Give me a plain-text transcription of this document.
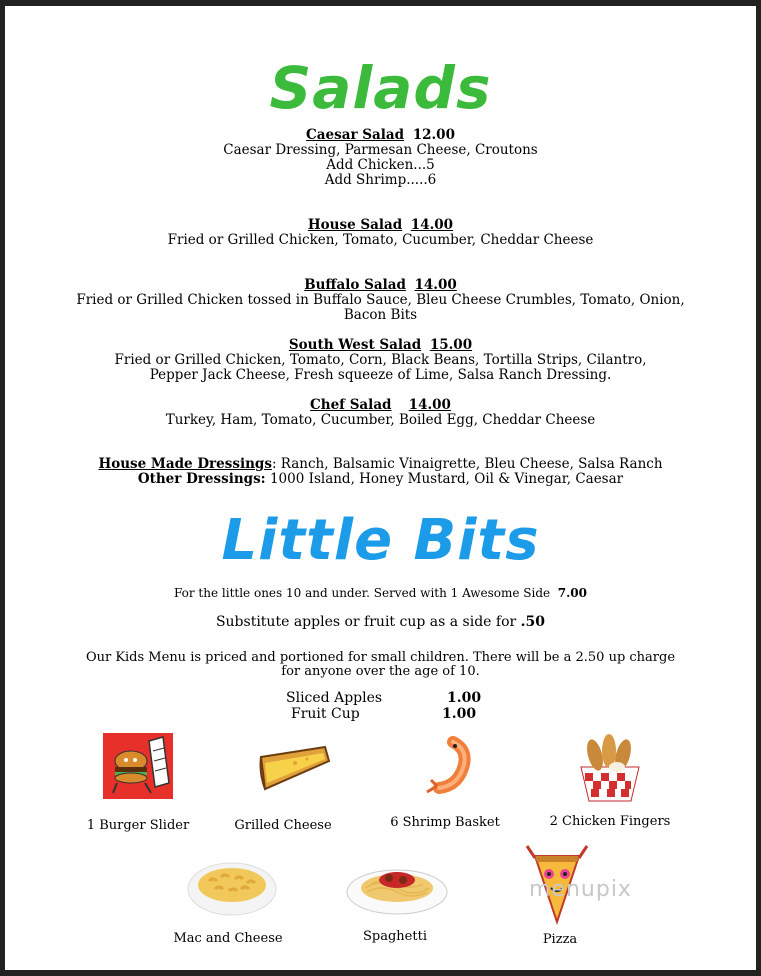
Salads
Caesar Salad 12.00
Caesar Dressing, Parmesan Cheese, Croutons
Add Chicken...5
Add Shrimp.....6
House Salad 14.00
Fried or Grilled Chicken, Tomato, Cucumber, Cheddar Cheese
Buffalo Salad 14.00
Fried or Grilled Chicken tossed in Buffalo Sauce, Bleu Cheese Crumbles, Tomato, Onion,
Bacon Bits
South West Salad 15.00
Fried or Grilled Chicken, Tomato, Corn, Black Beans, Tortilla Strips, Cilantro,
Pepper Jack Cheese, Fresh squeeze of Lime, Salsa Ranch Dressing.
Chef Salad 14.00
Turkey, Ham, Tomato, Cucumber, Boiled Egg, Cheddar Cheese
House Made Dressings: Ranch, Balsamic Vinaigrette, Bleu Cheese, Salsa Ranch
Other Dressings: 1000 Island, Honey Mustard, Oil & Vinegar, Caesar
Little Bits
For the little ones 10 and under. Served with 1 Awesome Side 7.00
Substitute apples or fruit cup as a side for .50
Our Kids Menu is priced and portioned for small children. There will be a 2.50 up charge
for anyone over the age of 10.
Sliced Apples	1.00
Fruit Cup	1.00
menupix
1 Burger Slider	Grilled Cheese	6 Shrimp Basket	2 Chicken Fingers
Mac and Cheese	Spaghetti	Pizza
